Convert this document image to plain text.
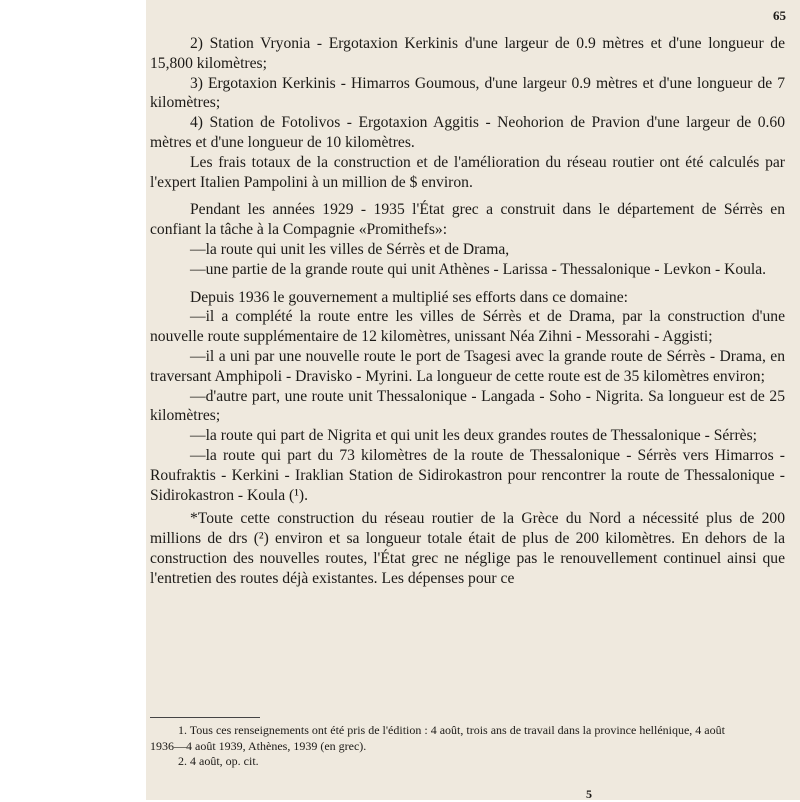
65

2) Station Vryonia - Ergotaxion Kerkinis d'une largeur de 0.9 mètres et d'une longueur de 15,800 kilomètres;

3) Ergotaxion Kerkinis - Himarros Goumous, d'une largeur 0.9 mètres et d'une longueur de 7 kilomètres;

4) Station de Fotolivos - Ergotaxion Aggitis - Neohorion de Pravion d'une largeur de 0.60 mètres et d'une longueur de 10 kilomètres.

Les frais totaux de la construction et de l'amélioration du réseau routier ont été calculés par l'expert Italien Pampolini à un million de $ environ.

Pendant les années 1929 - 1935 l'État grec a construit dans le département de Sérrès en confiant la tâche à la Compagnie «Promithefs»:

—la route qui unit les villes de Sérrès et de Drama,

—une partie de la grande route qui unit Athènes - Larissa - Thessalonique - Levkon - Koula.

Depuis 1936 le gouvernement a multiplié ses efforts dans ce domaine:

—il a complété la route entre les villes de Sérrès et de Drama, par la construction d'une nouvelle route supplémentaire de 12 kilomètres, unissant Néa Zihni - Messorahi - Aggisti;

—il a uni par une nouvelle route le port de Tsagesi avec la grande route de Sérrès - Drama, en traversant Amphipoli - Dravisko - Myrini. La longueur de cette route est de 35 kilomètres environ;

—d'autre part, une route unit Thessalonique - Langada - Soho - Nigrita. Sa longueur est de 25 kilomètres;

—la route qui part de Nigrita et qui unit les deux grandes routes de Thessalonique - Sérrès;

—la route qui part du 73 kilomètres de la route de Thessalonique - Sérrès vers Himarros - Roufraktis - Kerkini - Iraklian Station de Sidirokastron pour rencontrer la route de Thessalonique - Sidirokastron - Koula (¹).

*Toute cette construction du réseau routier de la Grèce du Nord a nécessité plus de 200 millions de drs (²) environ et sa longueur totale était de plus de 200 kilomètres. En dehors de la construction des nouvelles routes, l'État grec ne néglige pas le renouvellement continuel ainsi que l'entretien des routes déjà existantes. Les dépenses pour ce

1. Tous ces renseignements ont été pris de l'édition : 4 août, trois ans de travail dans la province hellénique, 4 août 1936—4 août 1939, Athènes, 1939 (en grec).

2. 4 août, op. cit.

5
